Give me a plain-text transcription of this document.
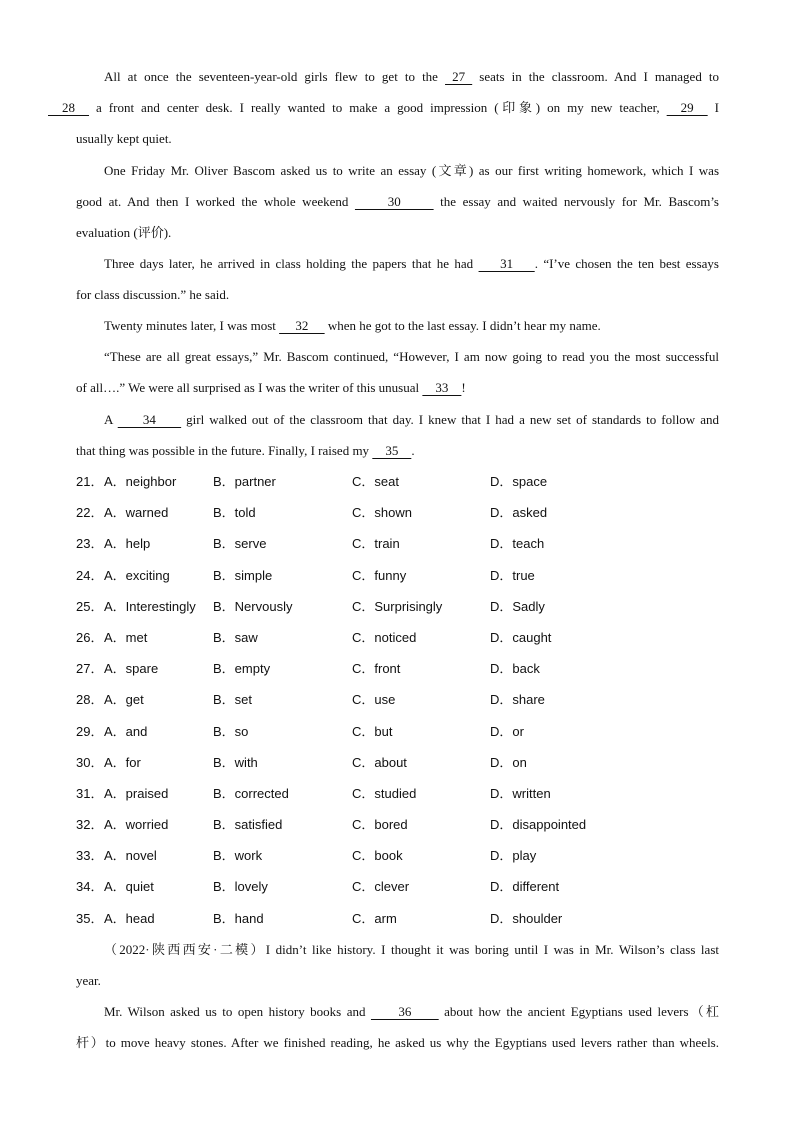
All at once the seventeen-year-old girls flew to get to the  27  seats in the classroom. And I managed to
28   a front and center desk. I really wanted to make a good impression (印象) on my new teacher,   29   I
usually kept quiet.
One Friday Mr. Oliver Bascom asked us to write an essay (文章) as our first writing homework, which I was
good at. And then I worked the whole weekend      30      the essay and waited nervously for Mr. Bascom’s
evaluation (评价).
Three days later, he arrived in class holding the papers that he had     31    . “I’ve chosen the ten best essays
for class discussion.” he said.
Twenty minutes later, I was most      32      when he got to the last essay. I didn’t hear my name.
“These are all great essays,” Mr. Bascom continued, “However, I am now going to read you the most successful
of all….” We were all surprised as I was the writer of this unusual     33    !
A      34      girl walked out of the classroom that day. I knew that I had a new set of standards to follow and
that thing was possible in the future. Finally, I raised my     35    .
21． A．neighbor	B．partner	C．seat	D．space
22． A．warned	B．told	C．shown	D．asked
23． A．help	B．serve	C．train	D．teach
24． A．exciting	B．simple	C．funny	D．true
25． A．Interestingly B．Nervously	C．Surprisingly	D．Sadly
26． A．met	B．saw	C．noticed	D．caught
27． A．spare	B．empty	C．front	D．back
28． A．get	B．set	C．use	D．share
29． A．and	B．so	C．but	D．or
30． A．for	B．with	C．about	D．on
31． A．praised	B．corrected	C．studied	D．written
32． A．worried	B．satisfied	C．bored	D．disappointed
33． A．novel	B．work	C．book	D．play
34． A．quiet	B．lovely	C．clever	D．different
35． A．head	B．hand	C．arm	D．shoulder
（2022·陕西西安·二模）I didn’t like history. I thought it was boring until I was in Mr. Wilson’s class last
year.
Mr. Wilson asked us to open history books and      36      about how the ancient Egyptians used levers（杠
杆）to move heavy stones. After we finished reading, he asked us why the Egyptians used levers rather than wheels.
